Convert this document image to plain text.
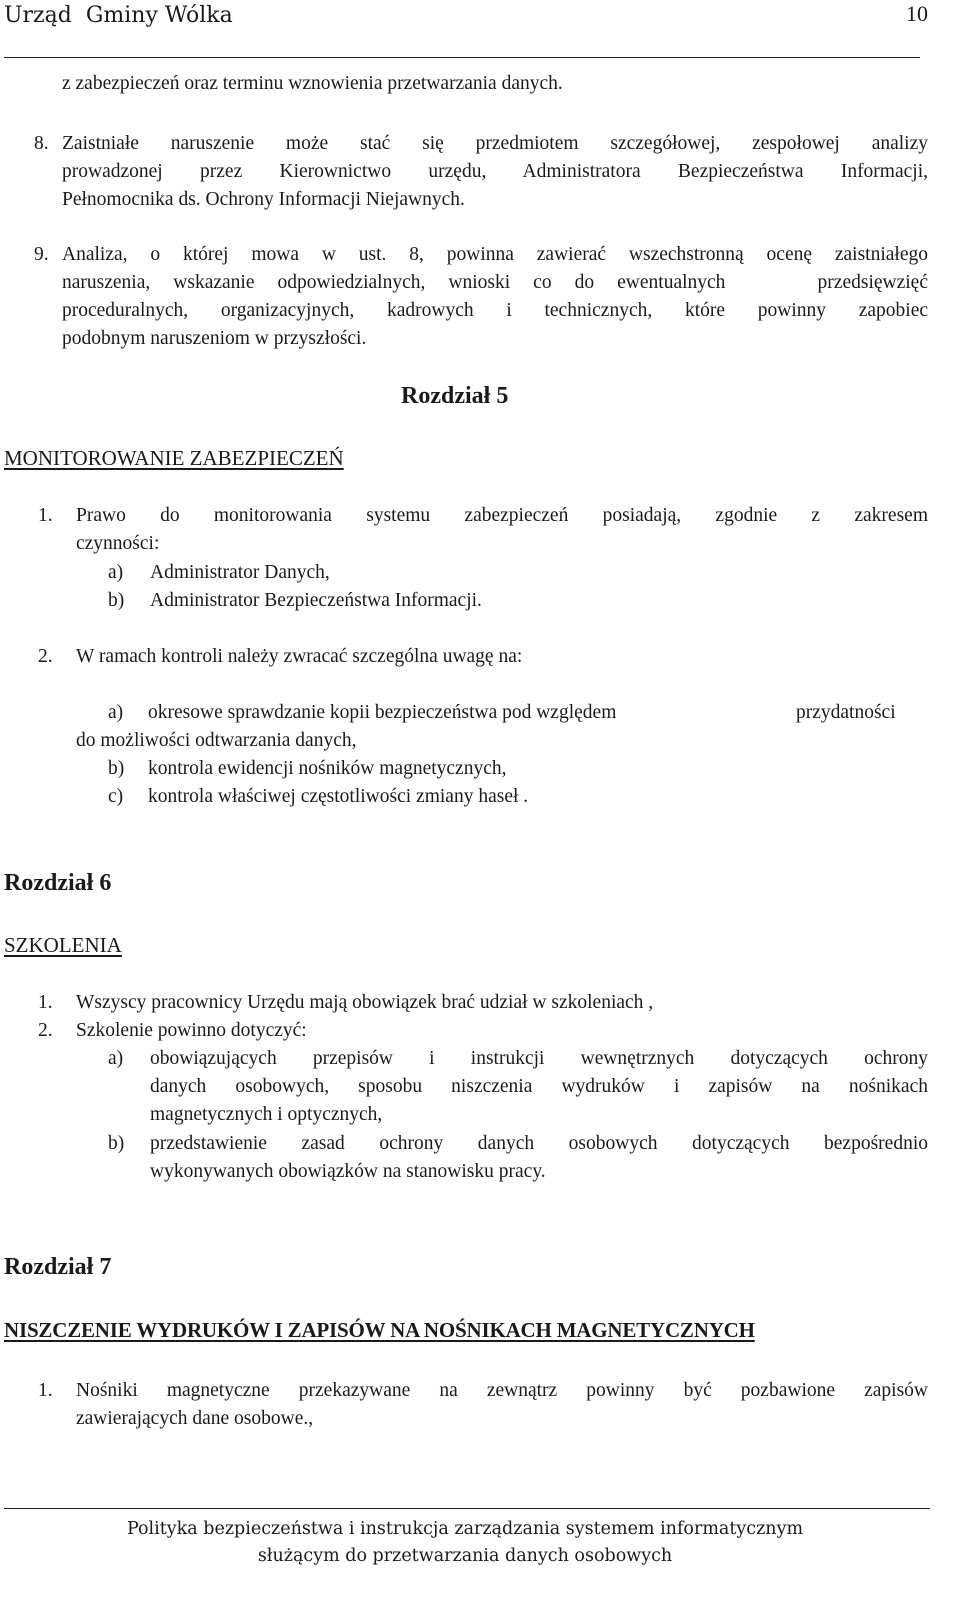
Urząd  Gminy Wólka	10
z zabezpieczeń oraz terminu wznowienia przetwarzania danych.
8. Zaistniałe naruszenie może stać się przedmiotem szczegółowej, zespołowej analizy
prowadzonej przez Kierownictwo urzędu, Administratora Bezpieczeństwa Informacji,
Pełnomocnika ds. Ochrony Informacji Niejawnych.
9. Analiza, o której mowa w ust. 8, powinna zawierać wszechstronną ocenę zaistniałego
naruszenia, wskazanie odpowiedzialnych, wnioski co do ewentualnych    przedsięwzięć
proceduralnych, organizacyjnych, kadrowych i technicznych, które powinny zapobiec
podobnym naruszeniom w przyszłości.
Rozdział 5
MONITOROWANIE ZABEZPIECZEŃ
1. Prawo do monitorowania systemu zabezpieczeń posiadają, zgodnie z zakresem
czynności:
a) Administrator Danych,
b) Administrator Bezpieczeństwa Informacji.
2. W ramach kontroli należy zwracać szczególna uwagę na:
a) okresowe sprawdzanie kopii bezpieczeństwa pod względem	przydatności
do możliwości odtwarzania danych,
b) kontrola ewidencji nośników magnetycznych,
c) kontrola właściwej częstotliwości zmiany haseł .
Rozdział 6
SZKOLENIA
1. Wszyscy pracownicy Urzędu mają obowiązek brać udział w szkoleniach ,
2. Szkolenie powinno dotyczyć:
a) obowiązujących przepisów i instrukcji wewnętrznych dotyczących ochrony
danych osobowych, sposobu niszczenia wydruków i zapisów na nośnikach
magnetycznych i optycznych,
b) przedstawienie zasad ochrony danych osobowych dotyczących bezpośrednio
wykonywanych obowiązków na stanowisku pracy.
Rozdział 7
NISZCZENIE WYDRUKÓW I ZAPISÓW NA NOŚNIKACH MAGNETYCZNYCH
1. Nośniki magnetyczne przekazywane na zewnątrz powinny być pozbawione zapisów
zawierających dane osobowe.,
Polityka bezpieczeństwa i instrukcja zarządzania systemem informatycznym
służącym do przetwarzania danych osobowych
